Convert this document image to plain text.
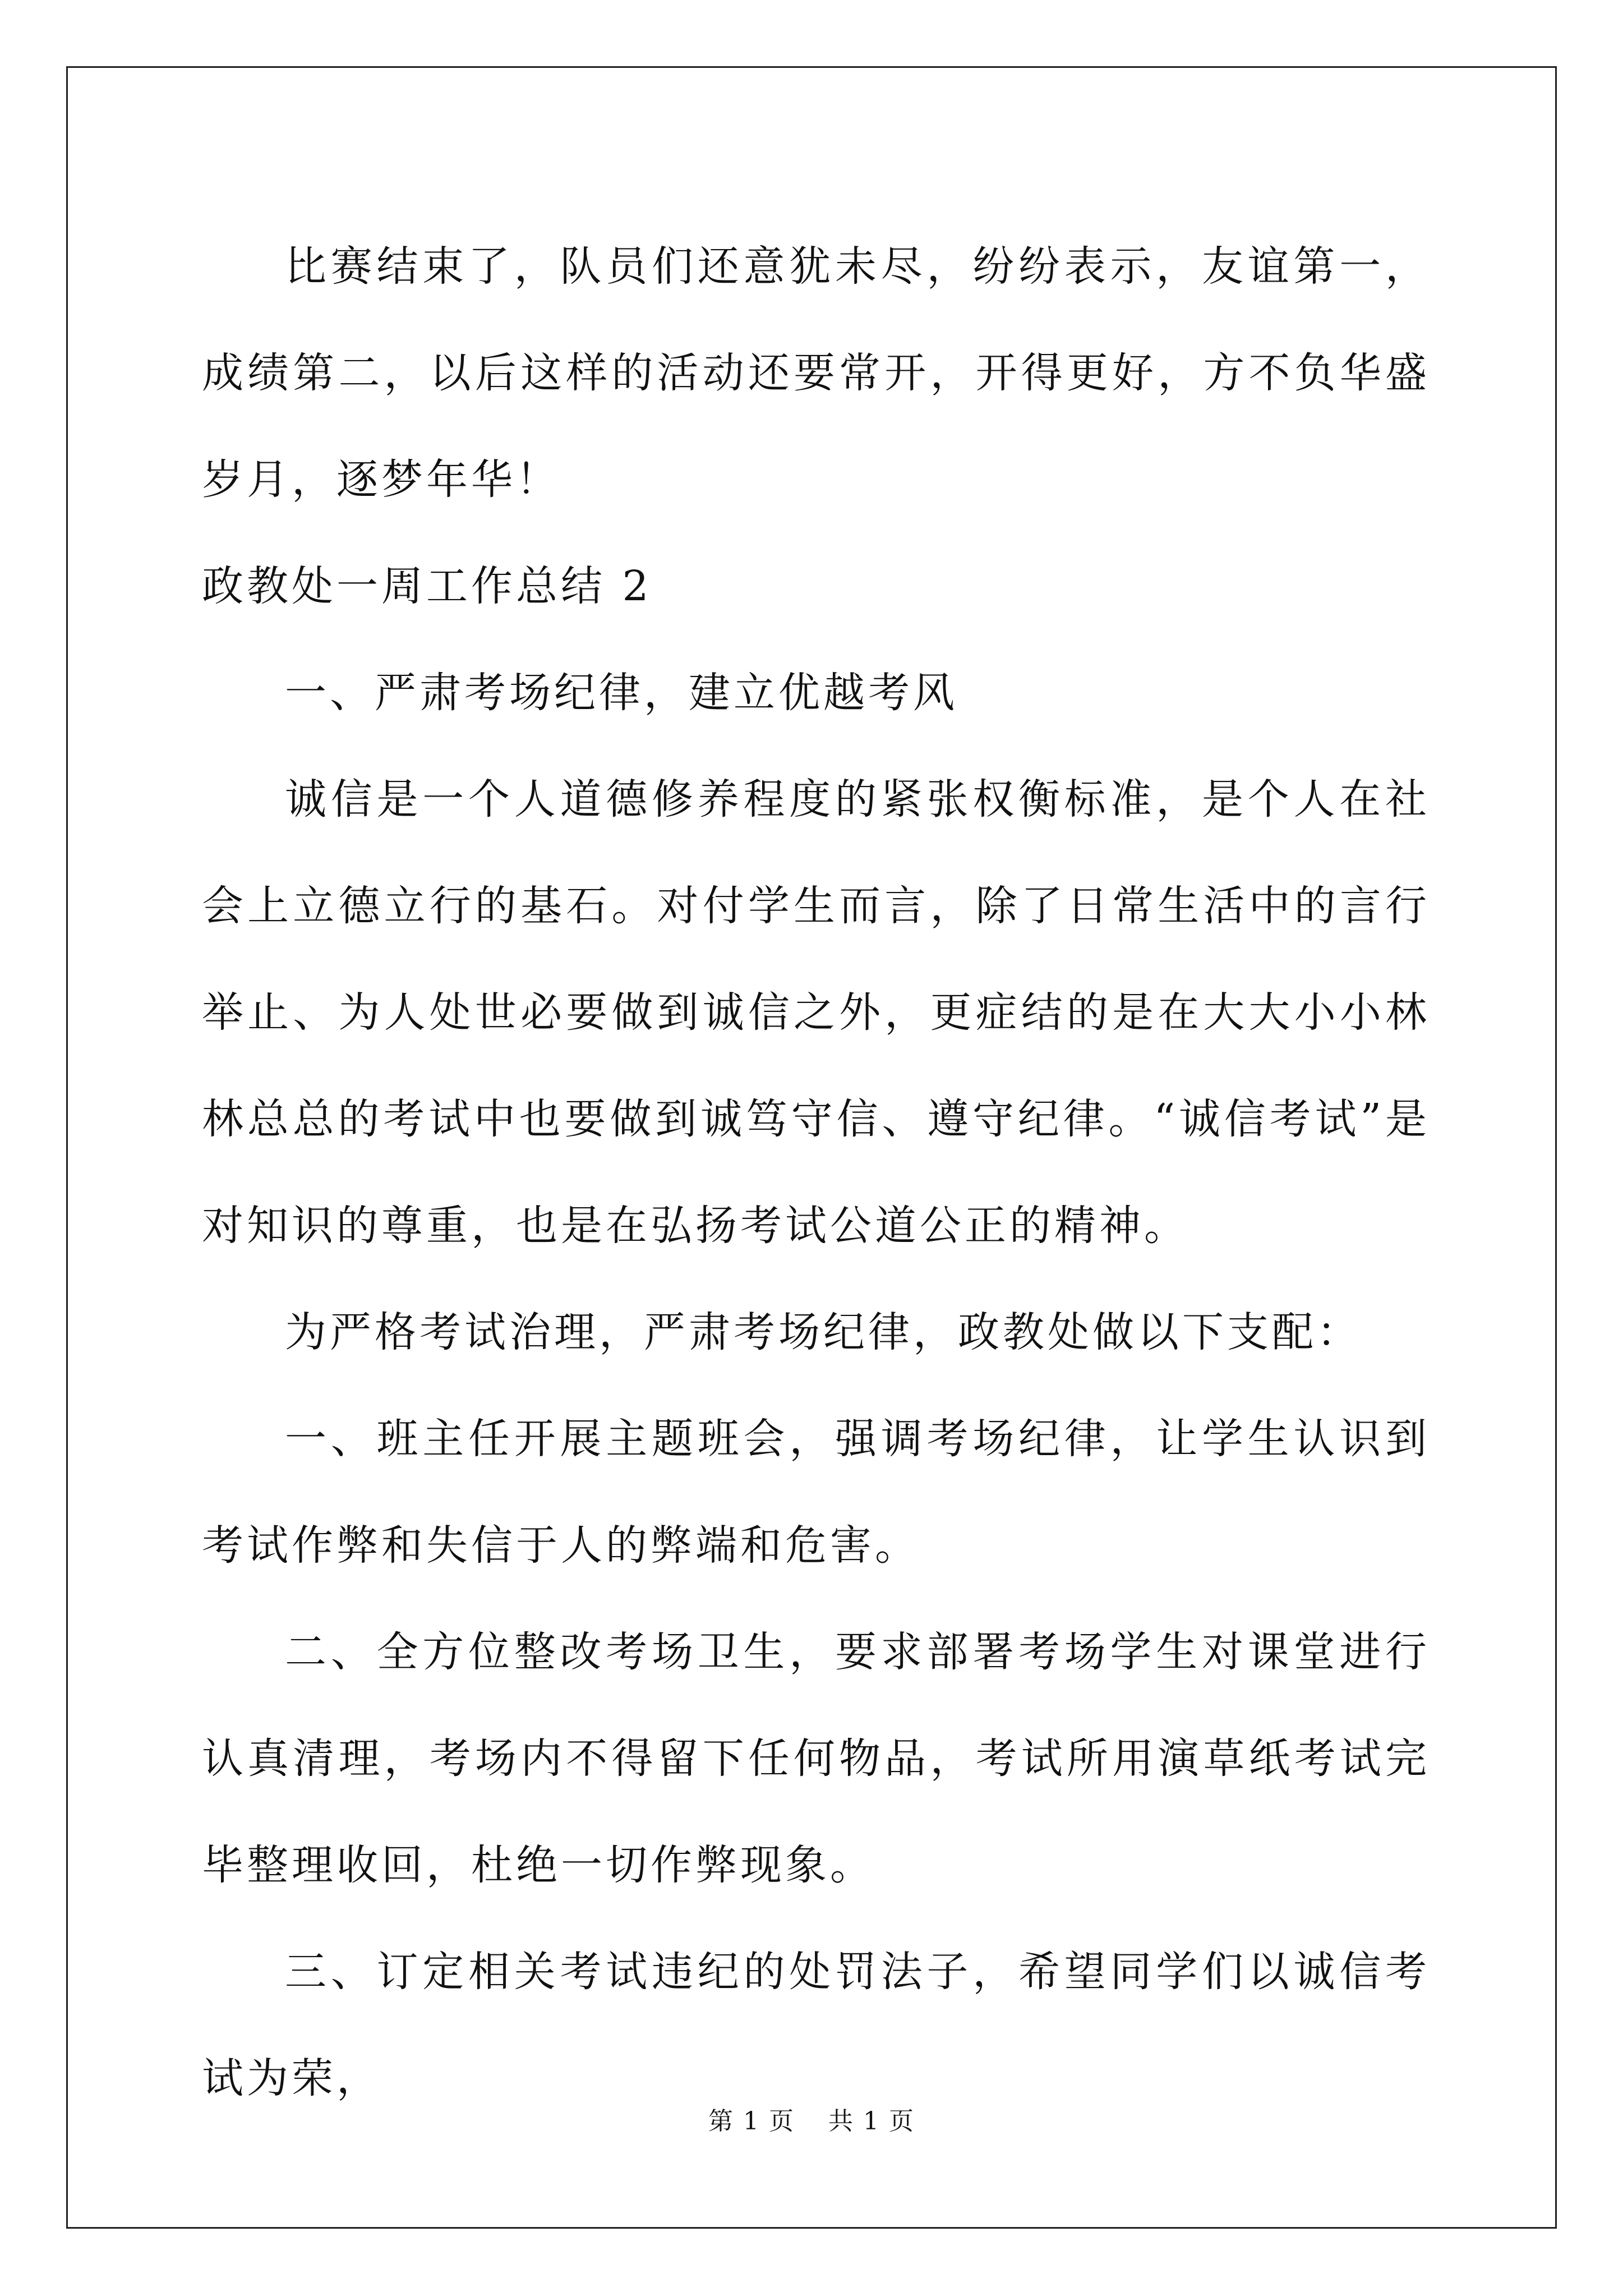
比赛结束了，队员们还意犹未尽，纷纷表示，友谊第一，成绩第二，以后这样的活动还要常开，开得更好，方不负华盛岁月，逐梦年华！

政教处一周工作总结 2

一、严肃考场纪律，建立优越考风

诚信是一个人道德修养程度的紧张权衡标准，是个人在社会上立德立行的基石。对付学生而言，除了日常生活中的言行举止、为人处世必要做到诚信之外，更症结的是在大大小小林林总总的考试中也要做到诚笃守信、遵守纪律。“诚信考试”是对知识的尊重，也是在弘扬考试公道公正的精神。

为严格考试治理，严肃考场纪律，政教处做以下支配：

一、班主任开展主题班会，强调考场纪律，让学生认识到考试作弊和失信于人的弊端和危害。

二、全方位整改考场卫生，要求部署考场学生对课堂进行认真清理，考场内不得留下任何物品，考试所用演草纸考试完毕整理收回，杜绝一切作弊现象。

三、订定相关考试违纪的处罚法子，希望同学们以诚信考试为荣，

第 1 页 共 1 页
